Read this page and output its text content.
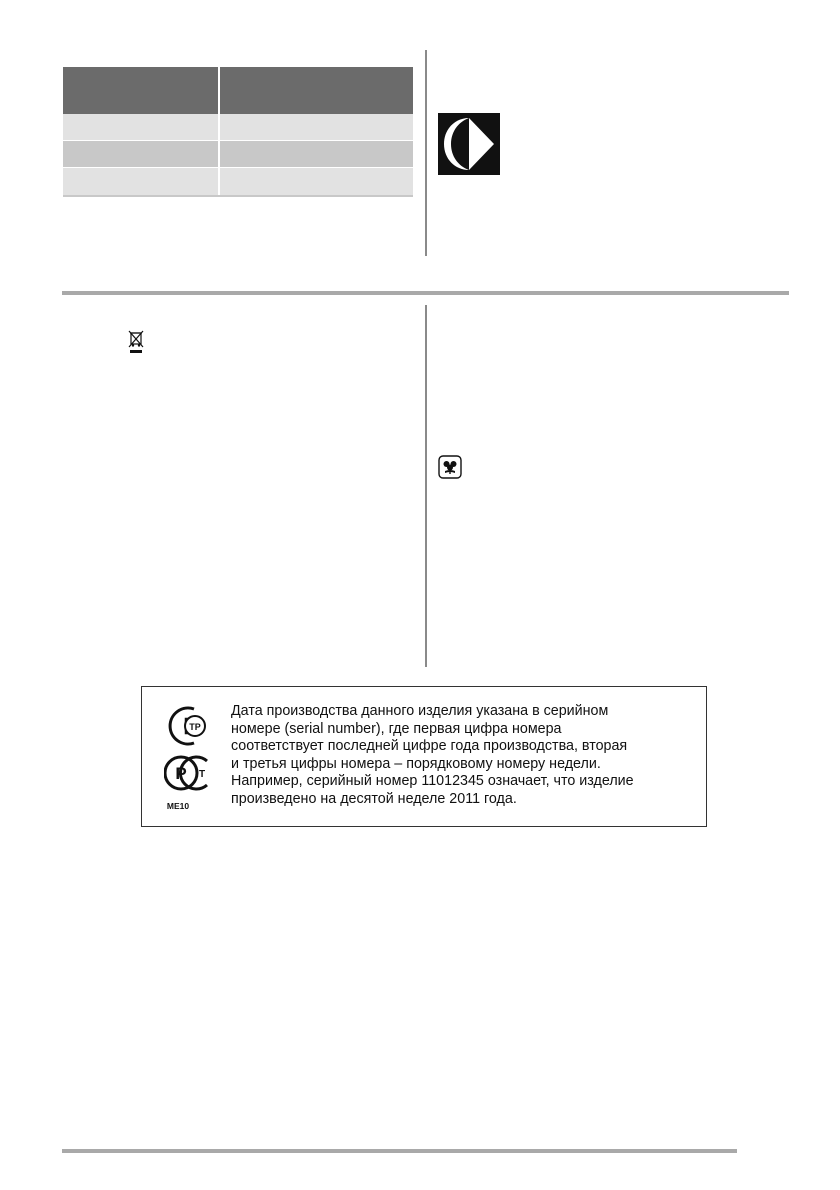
TP
Р Т
ME10
Дата производства данного изделия указана в серийном
номере (serial number), где первая цифра номера
соответствует последней цифре года производства, вторая
и третья цифры номера – порядковому номеру недели.
Например, серийный номер 11012345 означает, что изделие
произведено на десятой неделе 2011 года.
